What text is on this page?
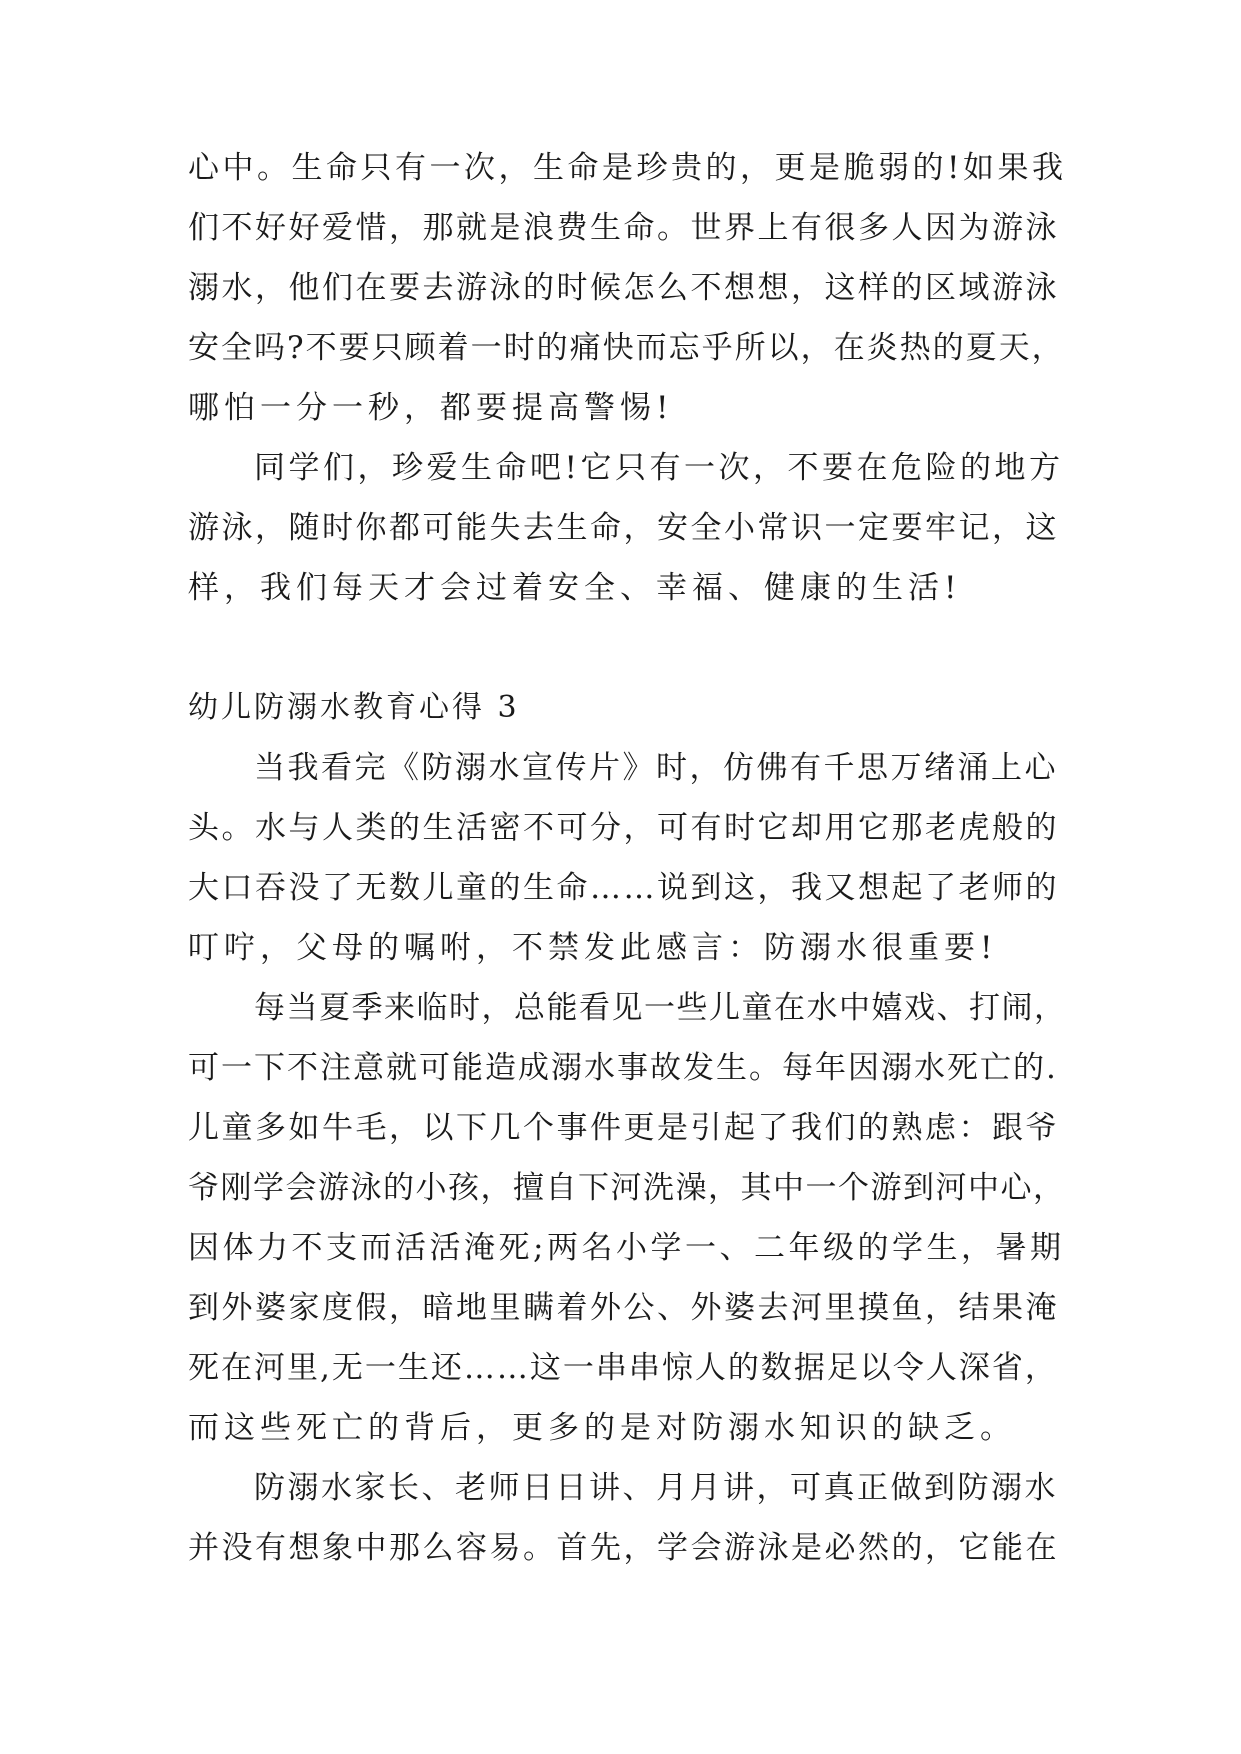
心中。生命只有一次，生命是珍贵的，更是脆弱的!如果我
们不好好爱惜，那就是浪费生命。世界上有很多人因为游泳
溺水，他们在要去游泳的时候怎么不想想，这样的区域游泳
安全吗?不要只顾着一时的痛快而忘乎所以，在炎热的夏天，
哪怕一分一秒，都要提高警惕!
同学们，珍爱生命吧!它只有一次，不要在危险的地方
游泳，随时你都可能失去生命，安全小常识一定要牢记，这
样，我们每天才会过着安全、幸福、健康的生活!
幼儿防溺水教育心得 3
当我看完《防溺水宣传片》时，仿佛有千思万绪涌上心
头。水与人类的生活密不可分，可有时它却用它那老虎般的
大口吞没了无数儿童的生命……说到这，我又想起了老师的
叮咛，父母的嘱咐，不禁发此感言：防溺水很重要!
每当夏季来临时，总能看见一些儿童在水中嬉戏、打闹，
可一下不注意就可能造成溺水事故发生。每年因溺水死亡的.
儿童多如牛毛，以下几个事件更是引起了我们的熟虑：跟爷
爷刚学会游泳的小孩，擅自下河洗澡，其中一个游到河中心，
因体力不支而活活淹死;两名小学一、二年级的学生，暑期
到外婆家度假，暗地里瞒着外公、外婆去河里摸鱼，结果淹
死在河里,无一生还……这一串串惊人的数据足以令人深省，
而这些死亡的背后，更多的是对防溺水知识的缺乏。
防溺水家长、老师日日讲、月月讲，可真正做到防溺水
并没有想象中那么容易。首先，学会游泳是必然的，它能在
